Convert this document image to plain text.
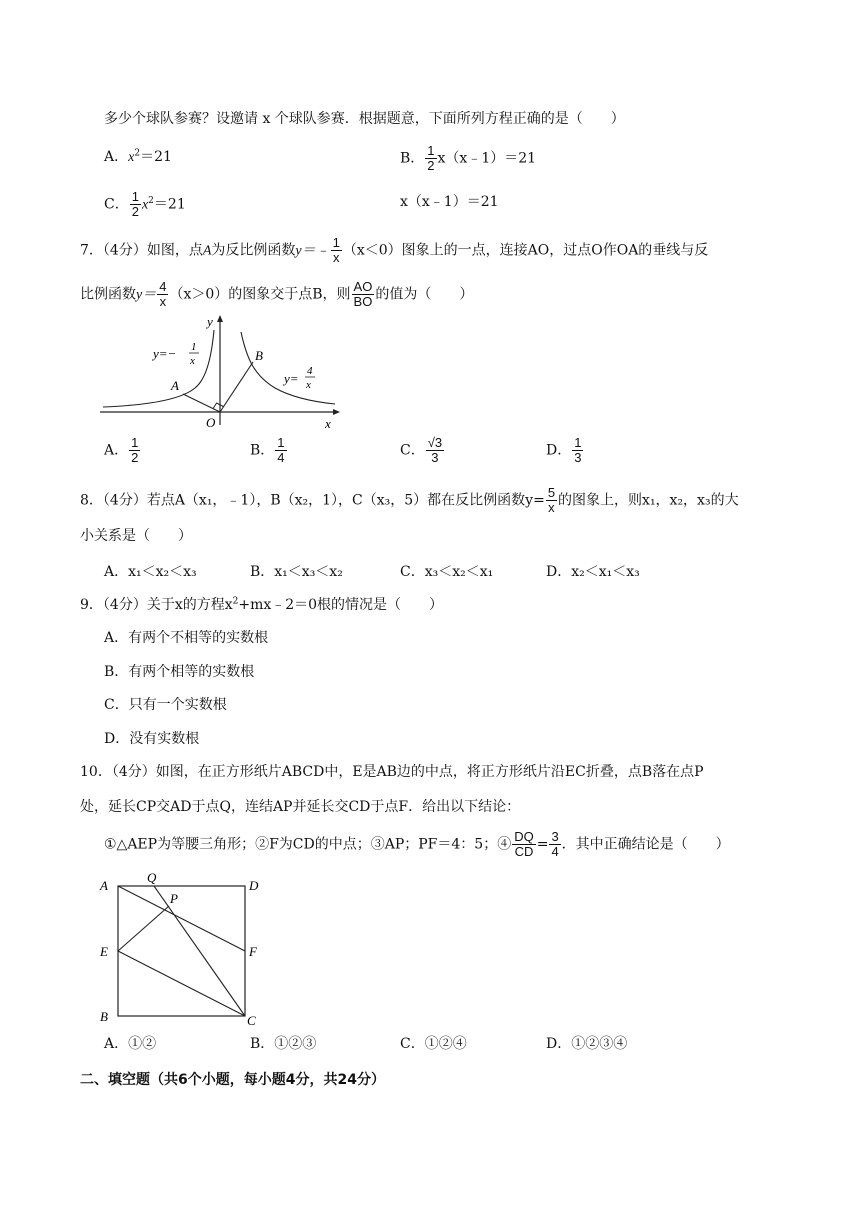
多少个球队参赛？设邀请 x 个球队参赛．根据题意，下面所列方程正确的是（　　）
A．$x^2=21$	B． $\frac{1}{2}$ x（x﹣1）＝21
C． $\frac{1}{2} x^2=21$	x（x﹣1）＝21
7．（4分）如图，点A为反比例函数y＝﹣ $\frac{1}{x} (x<0)$图象上的一点，连接AO，过点O作OA的垂线与反
比例函数$y= \frac{4}{x} (x>0)$的图象交于点B，则 $\frac{AO}{BO}$ 的值为（　　）
y
x
O
A
B
y=− 1
x
y= 4
x
A． $\frac{1}{2}$	B． $\frac{1}{4}$	C． $\frac{√3}{3}$	D． $\frac{1}{3}$
8．（4分）若点A（x₁，﹣1），B（x₂，1），C（x₃，5）都在反比例函数$y= \frac{5}{x}$ 的图象上，则x₁，x₂，x₃的大
小关系是（　　）
A．x₁＜x₂＜x₃	B．x₁＜x₃＜x₂	C．x₃＜x₂＜x₁	D．x₂＜x₁＜x₃
9．（4分）关于x的方程$x^2+mx﹣2=0$根的情况是（　　）
A．有两个不相等的实数根
B．有两个相等的实数根
C．只有一个实数根
D．没有实数根
10．（4分）如图，在正方形纸片ABCD中，E是AB边的中点，将正方形纸片沿EC折叠，点B落在点P
处，延长CP交AD于点Q，连结AP并延长交CD于点F．给出以下结论：
①△AEP为等腰三角形；②F为CD的中点；③AP；PF＝4：5；④ $\frac{DQ}{CD} = \frac{3}{4}$ ．其中正确结论是（　　）
A
Q
D
P
E	F
B	C
A．①②	B．①②③	C．①②④	D．①②③④
二、填空题（共6个小题，每小题4分，共24分）
